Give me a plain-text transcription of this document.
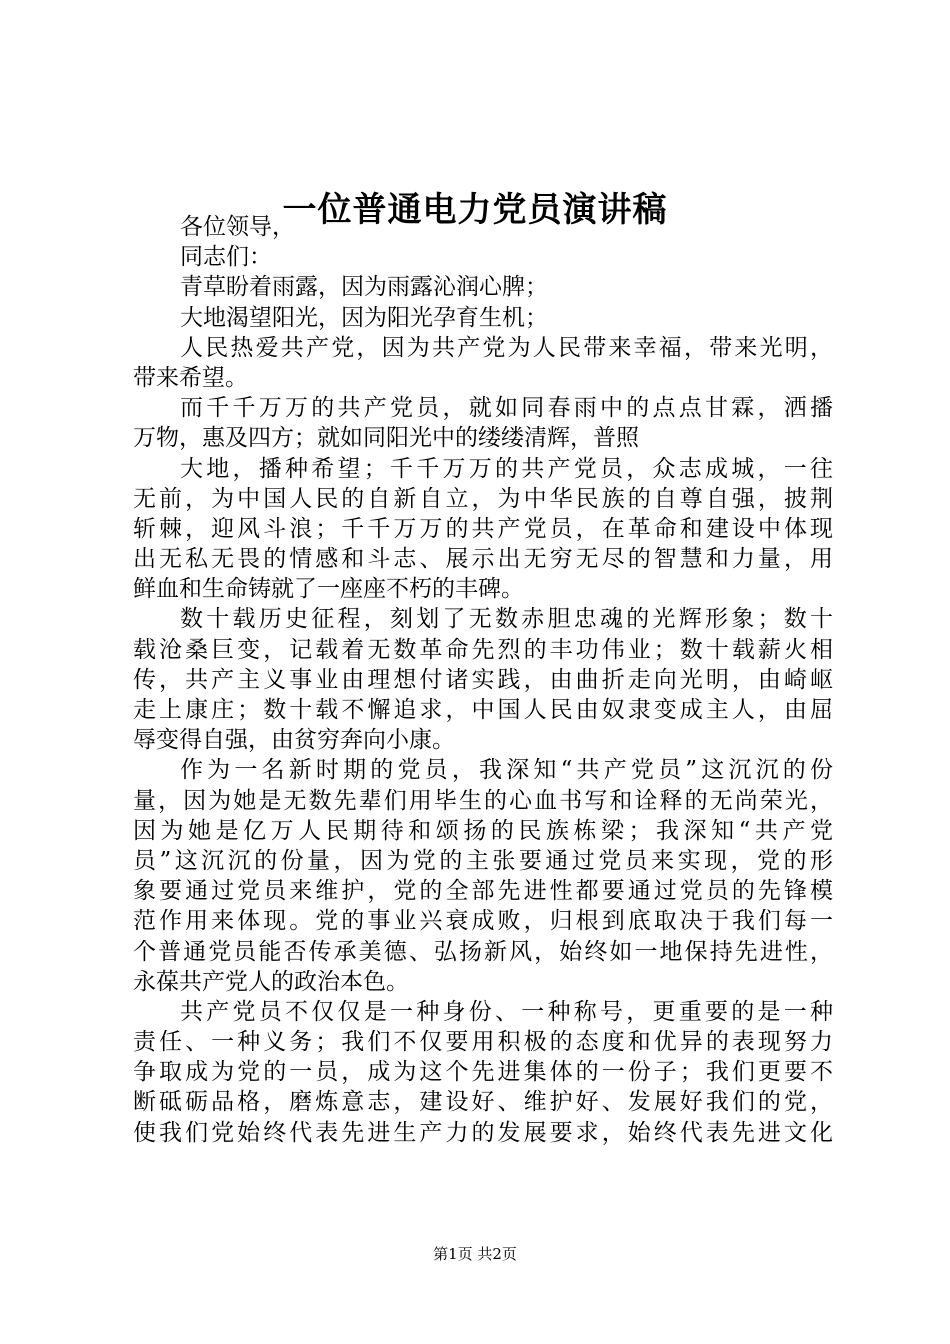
一位普通电力党员演讲稿
各位领导，
同志们：
青草盼着雨露，因为雨露沁润心脾；
大地渴望阳光，因为阳光孕育生机；
人民热爱共产党，因为共产党为人民带来幸福，带来光明，
带来希望。
而千千万万的共产党员，就如同春雨中的点点甘霖，洒播
万物，惠及四方；就如同阳光中的缕缕清辉，普照
大地，播种希望；千千万万的共产党员，众志成城，一往
无前，为中国人民的自新自立，为中华民族的自尊自强，披荆
斩棘，迎风斗浪；千千万万的共产党员，在革命和建设中体现
出无私无畏的情感和斗志、展示出无穷无尽的智慧和力量，用
鲜血和生命铸就了一座座不朽的丰碑。
数十载历史征程，刻划了无数赤胆忠魂的光辉形象；数十
载沧桑巨变，记载着无数革命先烈的丰功伟业；数十载薪火相
传，共产主义事业由理想付诸实践，由曲折走向光明，由崎岖
走上康庄；数十载不懈追求，中国人民由奴隶变成主人，由屈
辱变得自强，由贫穷奔向小康。
作为一名新时期的党员，我深知“共产党员”这沉沉的份
量，因为她是无数先辈们用毕生的心血书写和诠释的无尚荣光，
因为她是亿万人民期待和颂扬的民族栋梁；我深知“共产党
员”这沉沉的份量，因为党的主张要通过党员来实现，党的形
象要通过党员来维护，党的全部先进性都要通过党员的先锋模
范作用来体现。党的事业兴衰成败，归根到底取决于我们每一
个普通党员能否传承美德、弘扬新风，始终如一地保持先进性，
永葆共产党人的政治本色。
共产党员不仅仅是一种身份、一种称号，更重要的是一种
责任、一种义务；我们不仅要用积极的态度和优异的表现努力
争取成为党的一员，成为这个先进集体的一份子；我们更要不
断砥砺品格，磨炼意志，建设好、维护好、发展好我们的党，
使我们党始终代表先进生产力的发展要求，始终代表先进文化
第1页 共2页
